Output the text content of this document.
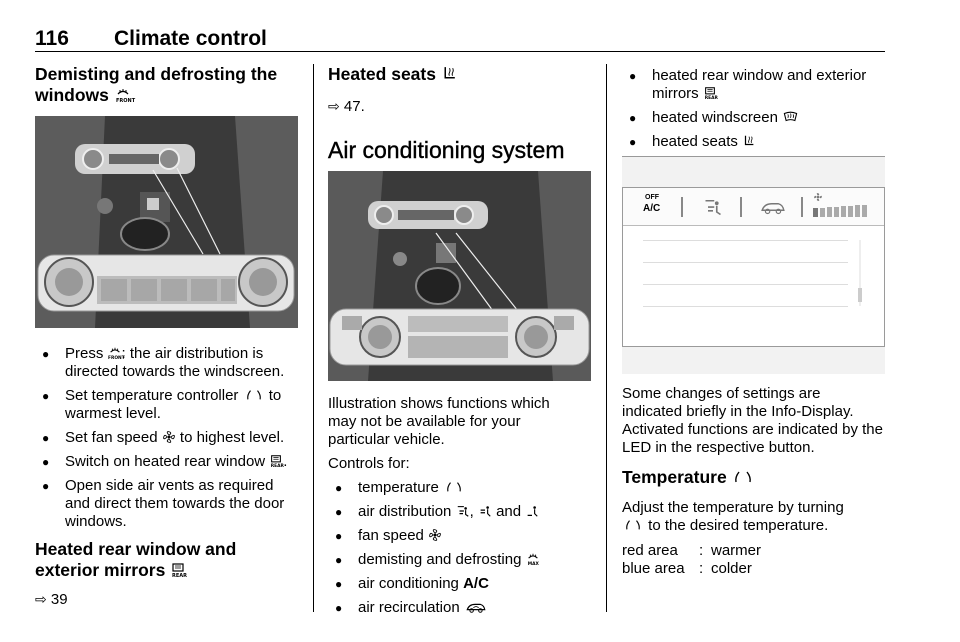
116 Climate control
Demisting and defrosting the windows FRONT
● Press FRONT
: the air distribution is directed towards the windscreen.
● Set temperature controller  to warmest level.
● Set fan speed  to highest level.
● Switch on heated rear window REAR .
● Open side air vents as required and direct them towards the door windows.
Heated rear window and exterior mirrors REAR

⇨ 39

Heated seats

⇨ 47.

Air conditioning system

Illustration shows functions which may not be available for your particular vehicle.

Controls for:

● temperature
● air distribution ,  and
● fan speed
● demisting and defrosting MAX
● air conditioning A/C
● air recirculation
● heated rear window and exterior mirrors REAR
● heated windscreen
● heated seats
OFF
A/C

Some changes of settings are indicated briefly in the Info-Display. Activated functions are indicated by the LED in the respective button.

Temperature

Adjust the temperature by turning
to the desired temperature.

red area	: warmer
blue area : colder
